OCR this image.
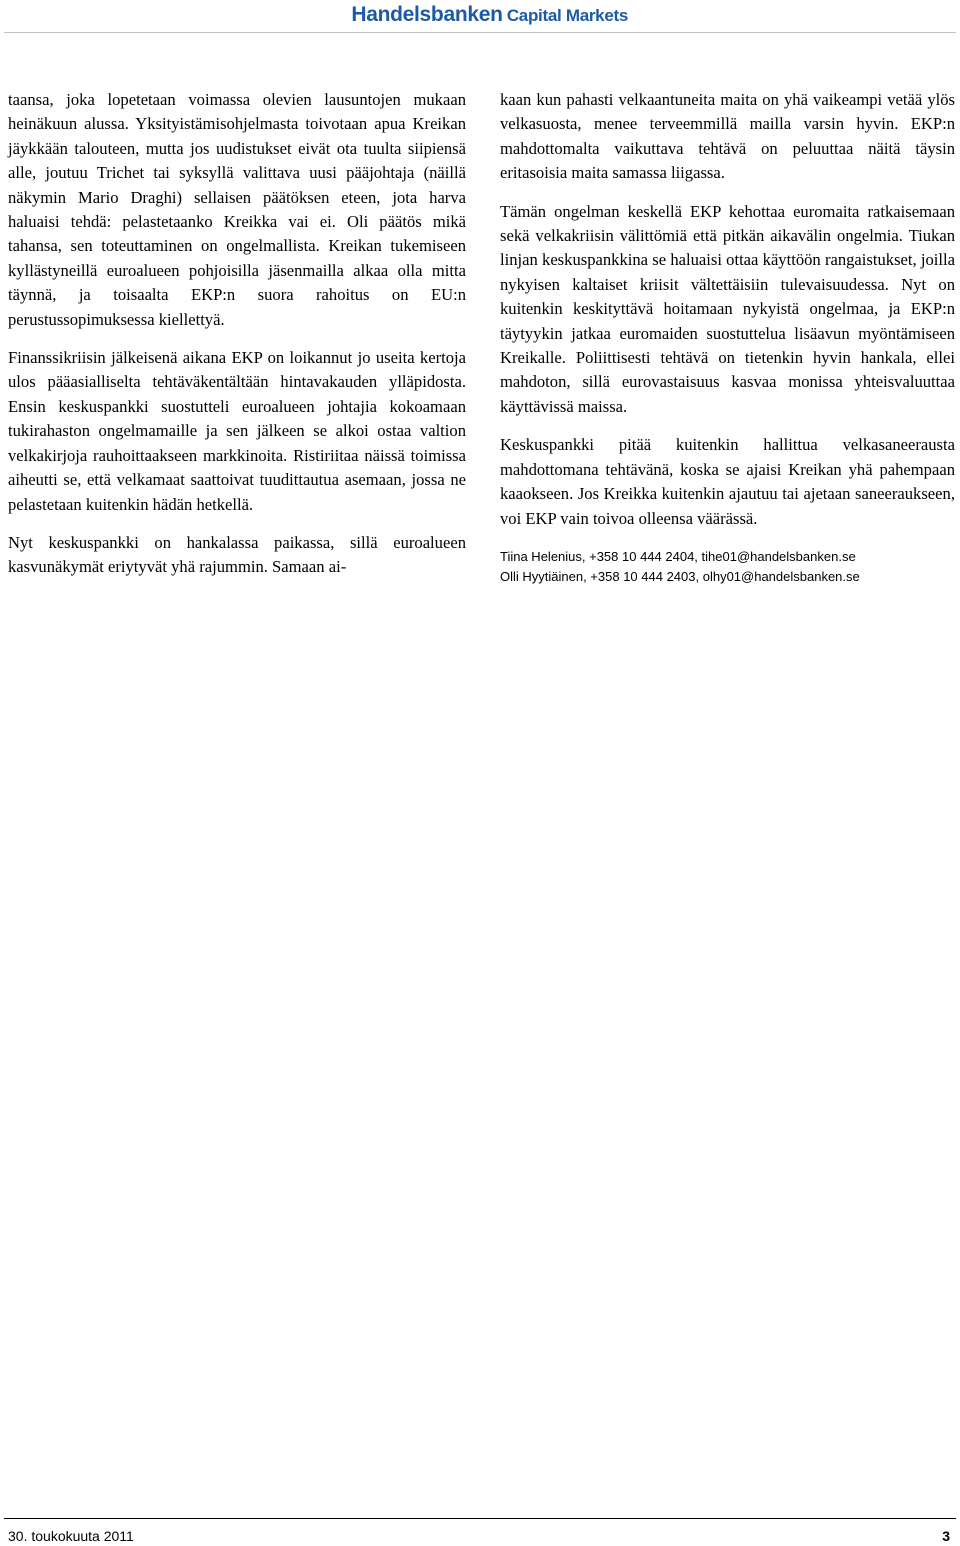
Handelsbanken Capital Markets

taansa, joka lopetetaan voimassa olevien lausuntojen mukaan heinäkuun alussa. Yksityistämisohjelmasta toivotaan apua Kreikan jäykkään talouteen, mutta jos uudistukset eivät ota tuulta siipiensä alle, joutuu Trichet tai syksyllä valittava uusi pääjohtaja (näillä näkymin Mario Draghi) sellaisen päätöksen eteen, jota harva haluaisi tehdä: pelastetaanko Kreikka vai ei. Oli päätös mikä tahansa, sen toteuttaminen on ongelmallista. Kreikan tukemiseen kyllästyneillä euroalueen pohjoisilla jäsenmailla alkaa olla mitta täynnä, ja toisaalta EKP:n suora rahoitus on EU:n perustussopimuksessa kiellettyä.

Finanssikriisin jälkeisenä aikana EKP on loikannut jo useita kertoja ulos pääasialliselta tehtäväkentältään hintavakauden ylläpidosta. Ensin keskuspankki suostutteli euroalueen johtajia kokoamaan tukirahaston ongelmamaille ja sen jälkeen se alkoi ostaa valtion velkakirjoja rauhoittaakseen markkinoita. Ristiriitaa näissä toimissa aiheutti se, että velkamaat saattoivat tuudittautua asemaan, jossa ne pelastetaan kuitenkin hädän hetkellä.

Nyt keskuspankki on hankalassa paikassa, sillä euroalueen kasvunäkymät eriytyvät yhä rajummin. Samaan ai-

kaan kun pahasti velkaantuneita maita on yhä vaikeampi vetää ylös velkasuosta, menee terveemmillä mailla varsin hyvin. EKP:n mahdottomalta vaikuttava tehtävä on peluuttaa näitä täysin eritasoisia maita samassa liigassa.

Tämän ongelman keskellä EKP kehottaa euromaita ratkaisemaan sekä velkakriisin välittömiä että pitkän aikavälin ongelmia. Tiukan linjan keskuspankkina se haluaisi ottaa käyttöön rangaistukset, joilla nykyisen kaltaiset kriisit vältettäisiin tulevaisuudessa. Nyt on kuitenkin keskityttävä hoitamaan nykyistä ongelmaa, ja EKP:n täytyykin jatkaa euromaiden suostuttelua lisäavun myöntämiseen Kreikalle. Poliittisesti tehtävä on tietenkin hyvin hankala, ellei mahdoton, sillä eurovastaisuus kasvaa monissa yhteisvaluuttaa käyttävissä maissa.

Keskuspankki pitää kuitenkin hallittua velkasaneerausta mahdottomana tehtävänä, koska se ajaisi Kreikan yhä pahempaan kaaokseen. Jos Kreikka kuitenkin ajautuu tai ajetaan saneeraukseen, voi EKP vain toivoa olleensa väärässä.

Tiina Helenius, +358 10 444 2404, tihe01@handelsbanken.se
Olli Hyytiäinen, +358 10 444 2403, olhy01@handelsbanken.se
30. toukokuuta 2011	3
